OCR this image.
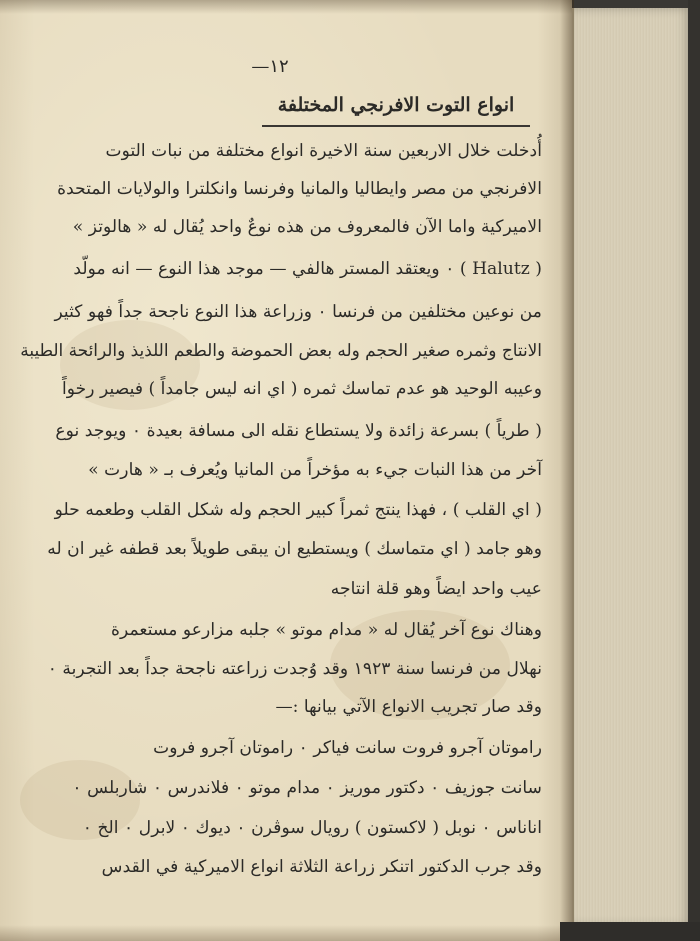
١٢—
انواع التوت الافرنجي المختلفة
أُدخلت خلال الاربعين سنة الاخيرة انواع مختلفة من نبات التوت
الافرنجي من مصر وايطاليا والمانيا وفرنسا وانكلترا والولايات المتحدة
الاميركية واما الآن فالمعروف من هذه نوعٌ واحد يُقال له « هالوتز »
( Halutz ) ٠ ويعتقد المستر هالفي — موجد هذا النوع — انه مولّد
من نوعين مختلفين من فرنسا ٠ وزراعة هذا النوع ناجحة جداً فهو كثير
الانتاج وثمره صغير الحجم وله بعض الحموضة والطعم اللذيذ والرائحة الطيبة
وعيبه الوحيد هو عدم تماسك ثمره ( اي انه ليس جامداً ) فيصير رخواً
( طرياً ) بسرعة زائدة ولا يستطاع نقله الى مسافة بعيدة ٠ ويوجد نوع
آخر من هذا النبات جيء به مؤخراً من المانيا ويُعرف بـ « هارت »
( اي القلب ) ، فهذا ينتج ثمراً كبير الحجم وله شكل القلب وطعمه حلو
وهو جامد ( اي متماسك ) ويستطيع ان يبقى طويلاً بعد قطفه غير ان له
عيب واحد ايضاً وهو قلة انتاجه
وهناك نوع آخر يُقال له « مدام موتو » جلبه مزارعو مستعمرة
نهلال من فرنسا سنة ١٩٢٣ وقد وُجدت زراعته ناجحة جداً بعد التجربة ٠
وقد صار تجريب الانواع الآتي بيانها :—
راموتان آجرو فروت سانت فياكر ٠ راموتان آجرو فروت
سانت جوزيف ٠ دكتور موريز ٠ مدام موتو ٠ فلاندرس ٠ شاربلس ٠
اناناس ٠ نوبل ( لاكستون ) رويال سوڤرن ٠ ديوك ٠ لابرل ٠ الخ ٠
وقد جرب الدكتور اتنكر زراعة الثلاثة انواع الاميركية في القدس
